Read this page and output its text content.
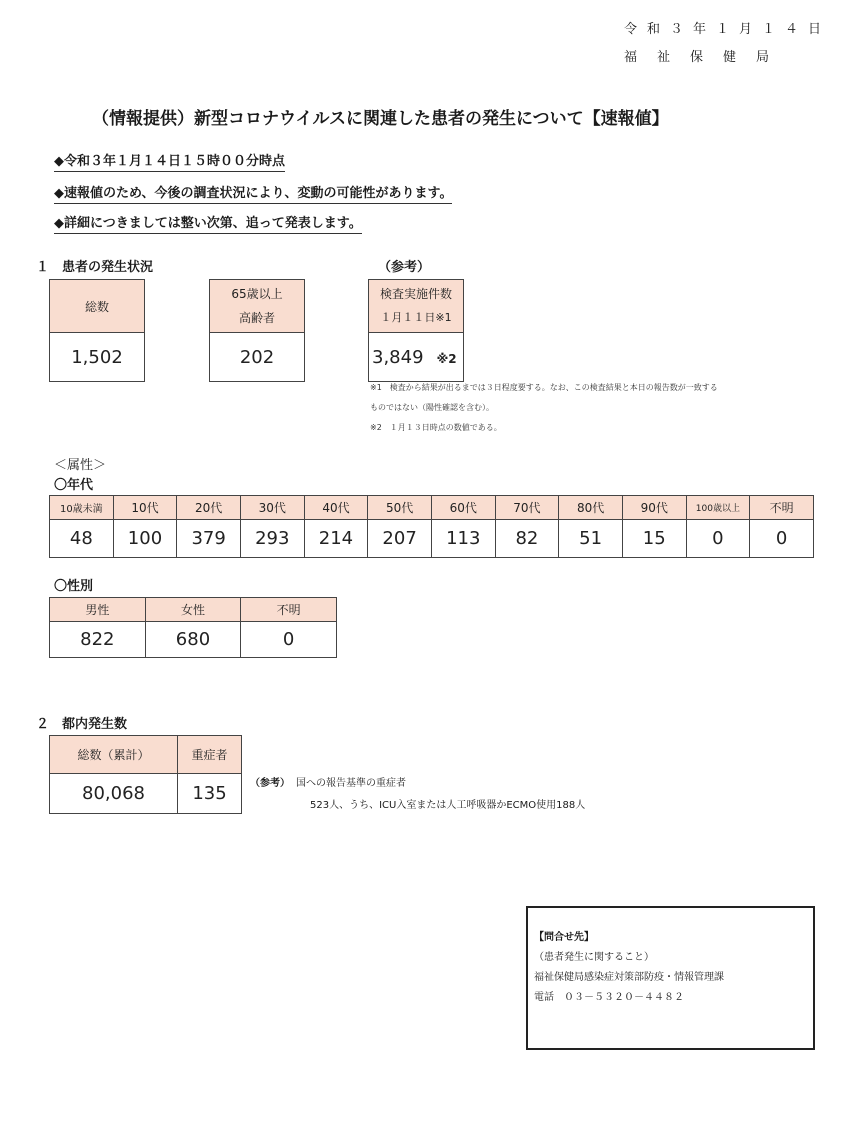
令和３年１月１４日
福祉保健局
（情報提供）新型コロナウイルスに関連した患者の発生について【速報値】
◆令和３年１月１４日１５時００分時点
◆速報値のため、今後の調査状況により、変動の可能性があります。
◆詳細につきましては整い次第、追って発表します。
１　患者の発生状況	（参考）
総数
1,502
65歳以上
高齢者

202
検査実施件数
１月１１日※1

3,849 ※2
※1　検査から結果が出るまでは３日程度要する。なお、この検査結果と本日の報告数が一致する
ものではない（陽性確認を含む）。
※2　１月１３日時点の数値である。
＜属性＞
〇年代
10歳未満	10代	20代	30代	40代	50代	60代	70代	80代	90代	100歳以上	不明
48	100	379	293	214	207	113	82	51	15	0	0
〇性別
男性	女性	不明
822	680	0
２　都内発生数
総数（累計）	重症者
80,068	135 （参考） 国への報告基準の重症者
523人、うち、ICU入室または人工呼吸器かECMO使用188人
【問合せ先】
（患者発生に関すること）
福祉保健局感染症対策部防疫・情報管理課
電話　０３－５３２０－４４８２
